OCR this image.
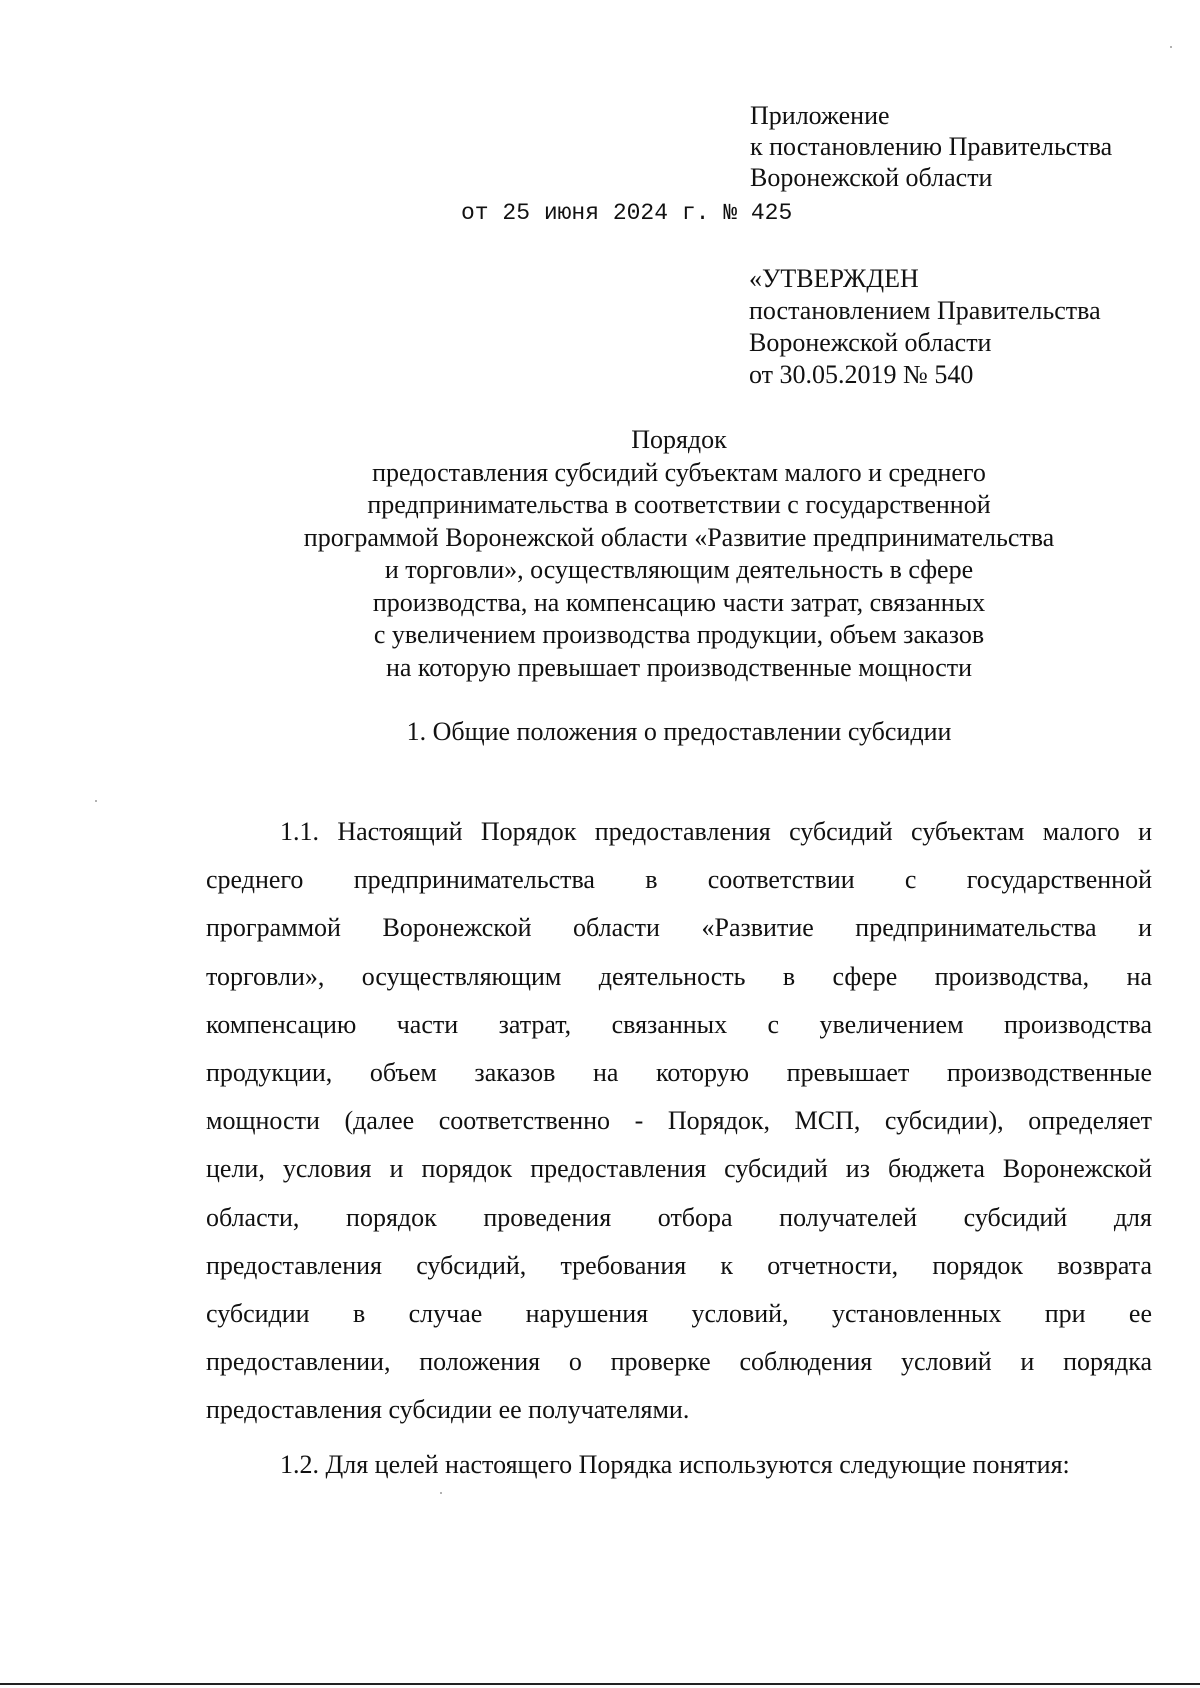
Приложение
к постановлению Правительства
Воронежской области
от 25 июня 2024 г. № 425
«УТВЕРЖДЕН
постановлением Правительства
Воронежской области
от 30.05.2019 № 540
Порядок
предоставления субсидий субъектам малого и среднего
предпринимательства в соответствии с государственной
программой Воронежской области «Развитие предпринимательства
и торговли», осуществляющим деятельность в сфере
производства, на компенсацию части затрат, связанных
с увеличением производства продукции, объем заказов
на которую превышает производственные мощности
1. Общие положения о предоставлении субсидии
1.1. Настоящий Порядок предоставления субсидий субъектам малого и
среднего предпринимательства в соответствии с государственной
программой Воронежской области «Развитие предпринимательства и
торговли», осуществляющим деятельность в сфере производства, на
компенсацию части затрат, связанных с увеличением производства
продукции, объем заказов на которую превышает производственные
мощности (далее соответственно - Порядок, МСП, субсидии), определяет
цели, условия и порядок предоставления субсидий из бюджета Воронежской
области, порядок проведения отбора получателей субсидий для
предоставления субсидий, требования к отчетности, порядок возврата
субсидии в случае нарушения условий, установленных при ее
предоставлении, положения о проверке соблюдения условий и порядка
предоставления субсидии ее получателями.
1.2. Для целей настоящего Порядка используются следующие понятия:
